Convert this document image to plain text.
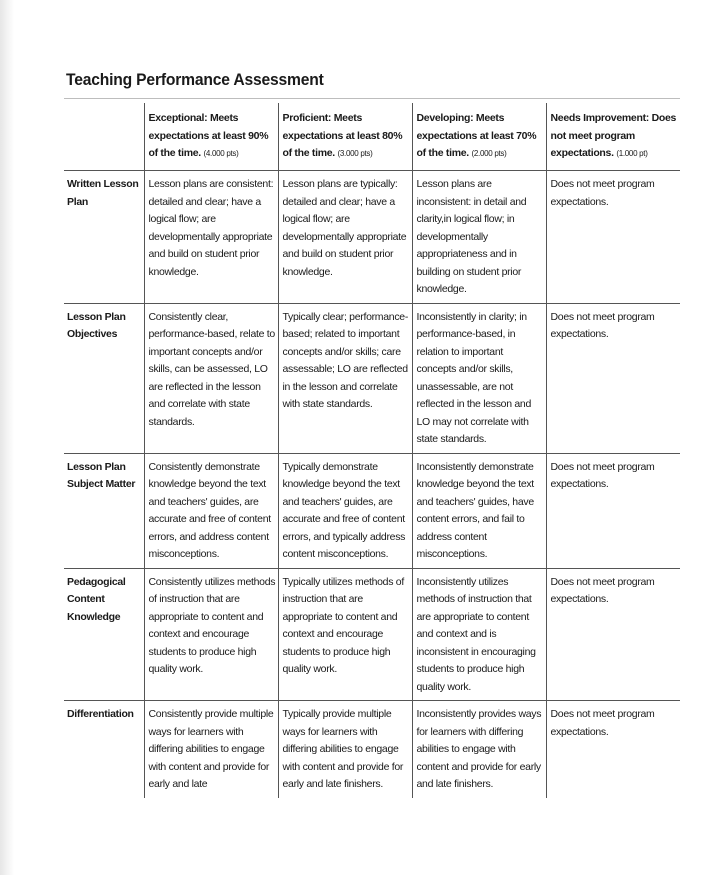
Teaching Performance Assessment
	Exceptional: Meets expectations at least 90% of the time. (4.000 pts)	Proficient: Meets expectations at least 80% of the time. (3.000 pts)	Developing: Meets expectations at least 70% of the time. (2.000 pts)	Needs Improvement: Does not meet program expectations. (1.000 pt)
Written Lesson Plan	Lesson plans are consistent: detailed and clear; have a logical flow; are developmentally appropriate and build on student prior knowledge.	Lesson plans are typically: detailed and clear; have a logical flow; are developmentally appropriate and build on student prior knowledge.	Lesson plans are inconsistent: in detail and clarity,in logical flow; in developmentally appropriateness and in building on student prior knowledge.	Does not meet program expectations.
Lesson Plan Objectives	Consistently clear, performance-based, relate to important concepts and/or skills, can be assessed, LO are reflected in the lesson and correlate with state standards.	Typically clear; performance-based; related to important concepts and/or skills; care assessable; LO are reflected in the lesson and correlate with state standards.	Inconsistently in clarity; in performance-based, in relation to important concepts and/or skills, unassessable, are not reflected in the lesson and LO may not correlate with state standards.	Does not meet program expectations.
Lesson Plan Subject Matter	Consistently demonstrate knowledge beyond the text and teachers' guides, are accurate and free of content errors, and address content misconceptions.	Typically demonstrate knowledge beyond the text and teachers' guides, are accurate and free of content errors, and typically address content misconceptions.	Inconsistently demonstrate knowledge beyond the text and teachers' guides, have content errors, and fail to address content misconceptions.	Does not meet program expectations.
Pedagogical Content Knowledge	Consistently utilizes methods of instruction that are appropriate to content and context and encourage students to produce high quality work.	Typically utilizes methods of instruction that are appropriate to content and context and encourage students to produce high quality work.	Inconsistently utilizes methods of instruction that are appropriate to content and context and is inconsistent in encouraging students to produce high quality work.	Does not meet program expectations.
Differentiation	Consistently provide multiple ways for learners with differing abilities to engage with content and provide for early and late	Typically provide multiple ways for learners with differing abilities to engage with content and provide for early and late finishers.	Inconsistently provides ways for learners with differing abilities to engage with content and provide for early and late finishers.	Does not meet program expectations.
